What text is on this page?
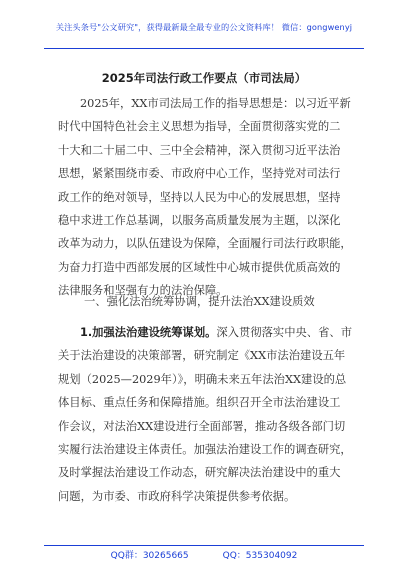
关注头条号"公文研究"，获得最新最全最专业的公文资料库！ 微信：gongwenyj
2025年司法行政工作要点（市司法局）
2025年，XX市司法局工作的指导思想是：以习近平新
时代中国特色社会主义思想为指导，全面贯彻落实党的二
十大和二十届二中、三中全会精神，深入贯彻习近平法治
思想，紧紧围绕市委、市政府中心工作，坚持党对司法行
政工作的绝对领导，坚持以人民为中心的发展思想，坚持
稳中求进工作总基调，以服务高质量发展为主题，以深化
改革为动力，以队伍建设为保障，全面履行司法行政职能，
为奋力打造中西部发展的区域性中心城市提供优质高效的
法律服务和坚强有力的法治保障。
一、强化法治统筹协调，提升法治XX建设质效
1.加强法治建设统筹谋划。深入贯彻落实中央、省、市
关于法治建设的决策部署，研究制定《XX市法治建设五年
规划（2025—2029年）》，明确未来五年法治XX建设的总
体目标、重点任务和保障措施。组织召开全市法治建设工
作会议，对法治XX建设进行全面部署，推动各级各部门切
实履行法治建设主体责任。加强法治建设工作的调查研究，
及时掌握法治建设工作动态，研究解决法治建设中的重大
问题，为市委、市政府科学决策提供参考依据。
QQ群：30265665	QQ：535304092
